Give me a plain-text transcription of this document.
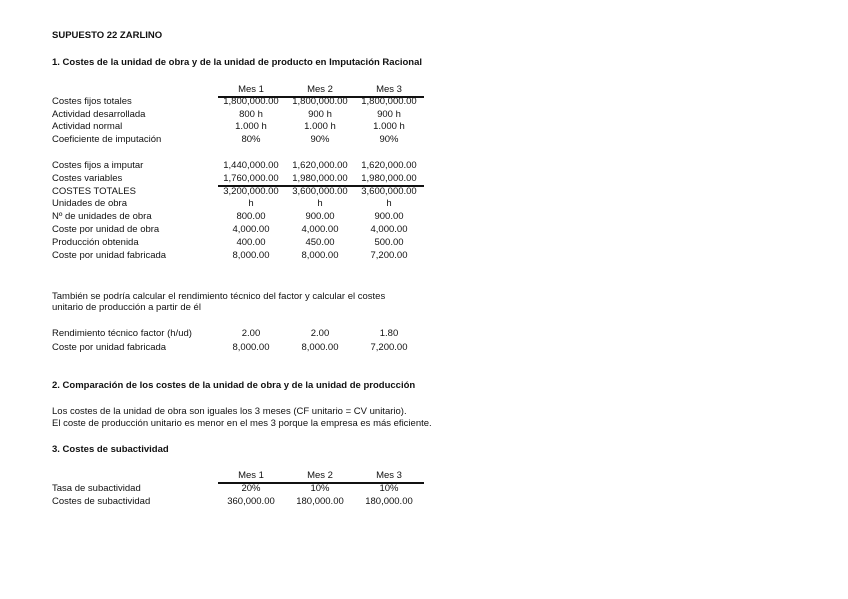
SUPUESTO 22 ZARLINO
1. Costes de la unidad de obra y de la unidad de producto en Imputación Racional
Mes 1	Mes 2	Mes 3
Costes fijos totales	1,800,000.00	1,800,000.00	1,800,000.00
Actividad desarrollada	800 h	900 h	900 h
Actividad normal	1.000 h	1.000 h	1.000 h
Coeficiente de imputación	80%	90%	90%
Costes fijos a imputar	1,440,000.00	1,620,000.00	1,620,000.00
Costes variables	1,760,000.00	1,980,000.00	1,980,000.00
COSTES TOTALES	3,200,000.00	3,600,000.00	3,600,000.00
Unidades de obra	h	h	h
Nº de unidades de obra	800.00	900.00	900.00
Coste por unidad de obra	4,000.00	4,000.00	4,000.00
Producción obtenida	400.00	450.00	500.00
Coste por unidad fabricada	8,000.00	8,000.00	7,200.00
También se podría calcular el rendimiento técnico del factor y calcular el costes
unitario de producción a partir de él
Rendimiento técnico factor (h/ud)	2.00	2.00	1.80
Coste por unidad fabricada	8,000.00	8,000.00	7,200.00
2. Comparación de los costes de la unidad de obra y de la unidad de producción
Los costes de la unidad de obra son iguales los 3 meses (CF unitario = CV unitario).
El coste de producción unitario es menor en el mes 3 porque la empresa es más eficiente.
3. Costes de subactividad
Mes 1	Mes 2	Mes 3
Tasa de subactividad	20%	10%	10%
Costes de subactividad	360,000.00	180,000.00	180,000.00
